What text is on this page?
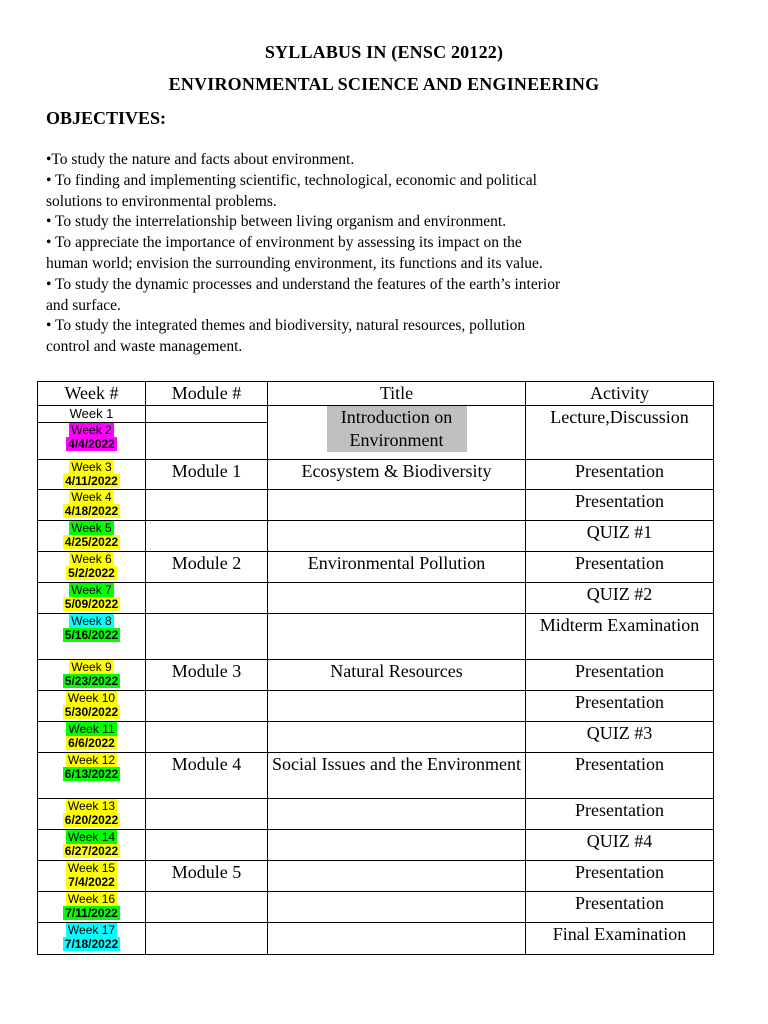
SYLLABUS IN (ENSC 20122)
ENVIRONMENTAL SCIENCE AND ENGINEERING
OBJECTIVES:
•To study the nature and facts about environment.
• To finding and implementing scientific, technological, economic and political
solutions to environmental problems.
• To study the interrelationship between living organism and environment.
• To appreciate the importance of environment by assessing its impact on the
human world; envision the surrounding environment, its functions and its value.
• To study the dynamic processes and understand the features of the earth’s interior
and surface.
• To study the integrated themes and biodiversity, natural resources, pollution
control and waste management.
Week #	Module #	Title	Activity
Week 1		Introduction on Environment	Lecture,Discussion
Week 2
4/4/2022			
Week 3
4/11/2022	Module 1	Ecosystem & Biodiversity	Presentation
Week 4
4/18/2022			Presentation
Week 5
4/25/2022			QUIZ #1
Week 6
5/2/2022	Module 2	Environmental Pollution	Presentation
Week 7
5/09/2022			QUIZ #2
Week 8
5/16/2022			Midterm Examination
Week 9
5/23/2022	Module 3	Natural Resources	Presentation
Week 10
5/30/2022			Presentation
Week 11
6/6/2022			QUIZ #3
Week 12
6/13/2022	Module 4	Social Issues and the Environment	Presentation
Week 13
6/20/2022			Presentation
Week 14
6/27/2022			QUIZ #4
Week 15
7/4/2022	Module 5		Presentation
Week 16
7/11/2022			Presentation
Week 17
7/18/2022			Final Examination
